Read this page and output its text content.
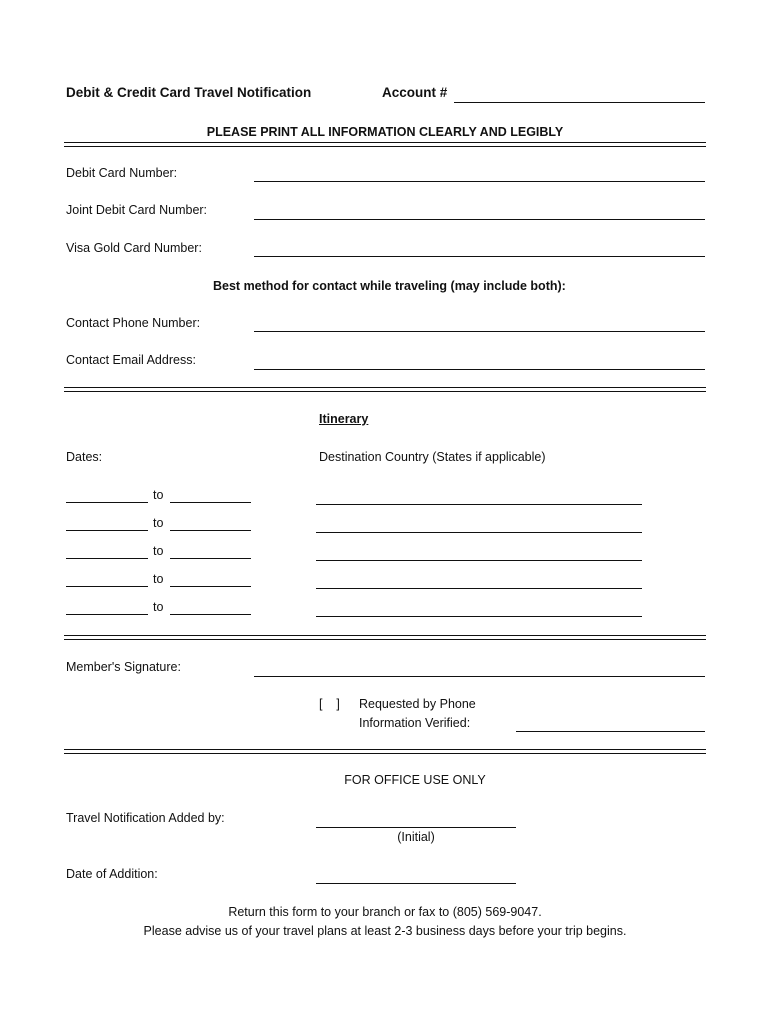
Debit & Credit Card Travel Notification	Account #
PLEASE PRINT ALL INFORMATION CLEARLY AND LEGIBLY
Debit Card Number:
Joint Debit Card Number:
Visa Gold Card Number:
Best method for contact while traveling (may include both):
Contact Phone Number:
Contact Email Address:
Itinerary
Dates:	Destination Country (States if applicable)
to
to
to
to
to
Member's Signature:
[    ] Requested by Phone
Information Verified:
FOR OFFICE USE ONLY
Travel Notification Added by:
(Initial)
Date of Addition:
Return this form to your branch or fax to (805) 569-9047.
Please advise us of your travel plans at least 2-3 business days before your trip begins.
